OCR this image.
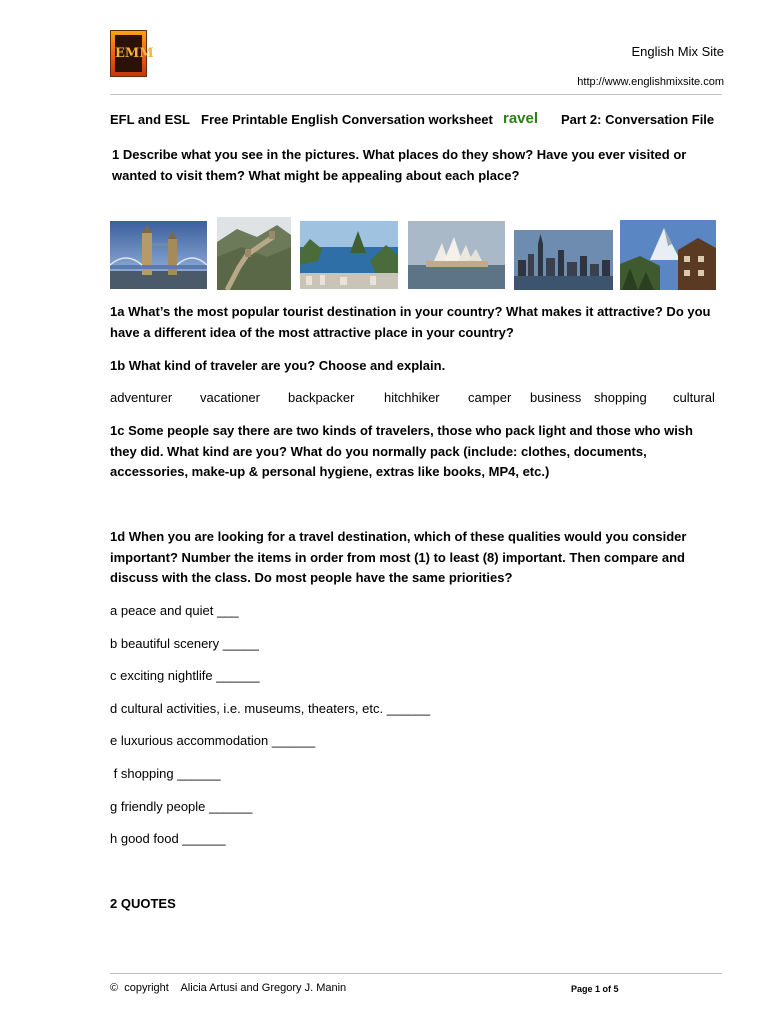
EMM	English Mix Site
http://www.englishmixsite.com
EFL and ESL Free Printable English Conversation worksheet ravel Part 2: Conversation File
1 Describe what you see in the pictures. What places do they show? Have you ever visited or wanted to visit them? What might be appealing about each place?
1a What’s the most popular tourist destination in your country? What makes it attractive? Do you have a different idea of the most attractive place in your country?
1b What kind of traveler are you? Choose and explain.
adventurer vacationer backpacker hitchhiker camper business shopping cultural
1c Some people say there are two kinds of travelers, those who pack light and those who wish they did. What kind are you? What do you normally pack (include: clothes, documents, accessories, make-up & personal hygiene, extras like books, MP4, etc.)
1d When you are looking for a travel destination, which of these qualities would you consider important? Number the items in order from most (1) to least (8) important. Then compare and discuss with the class. Do most people have the same priorities?
a peace and quiet ___
b beautiful scenery _____
c exciting nightlife ______
d cultural activities, i.e. museums, theaters, etc. ______
e luxurious accommodation ______
f shopping ______
g friendly people ______
h good food ______
2 QUOTES
©  copyright    Alicia Artusi and Gregory J. Manin	Page 1 of 5
